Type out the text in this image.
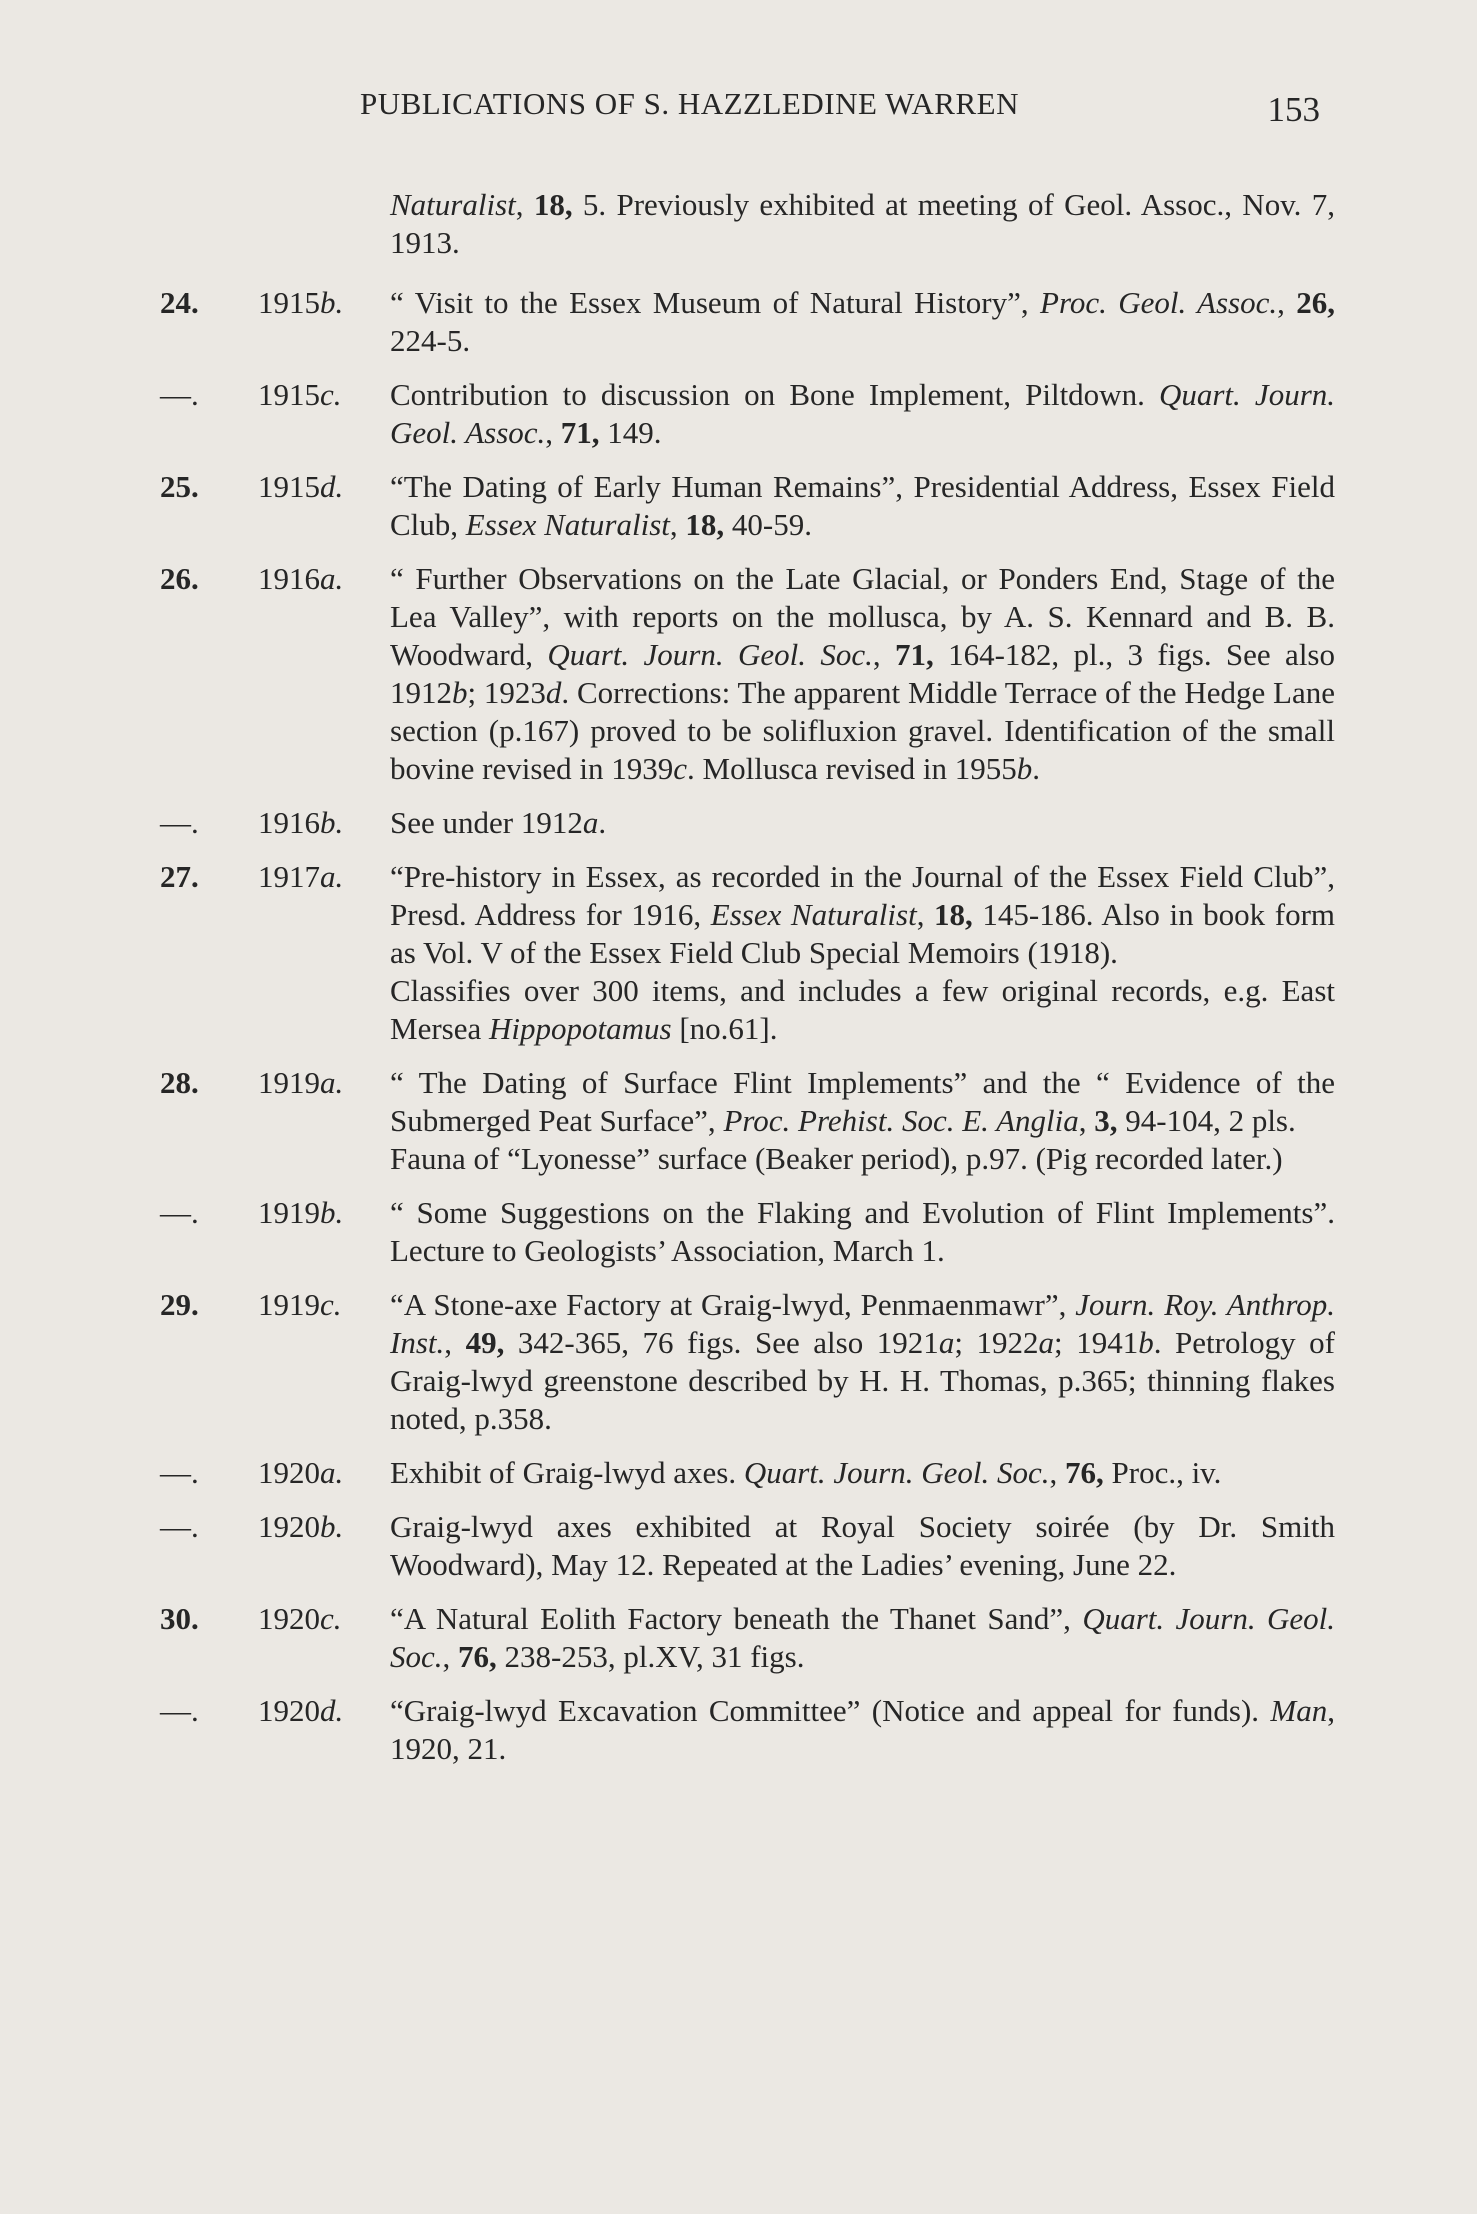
PUBLICATIONS OF S. HAZZLEDINE WARREN	153

Naturalist, 18, 5. Previously exhibited at meeting of Geol. Assoc., Nov. 7, 1913.

24.	1915b. “ Visit to the Essex Museum of Natural History”, Proc. Geol. Assoc., 26, 224-5.

—.	1915c. Contribution to discussion on Bone Implement, Piltdown. Quart. Journ. Geol. Assoc., 71, 149.

25.	1915d. “The Dating of Early Human Remains”, Presidential Address, Essex Field Club, Essex Naturalist, 18, 40-59.

26.	1916a. “ Further Observations on the Late Glacial, or Ponders End, Stage of the Lea Valley”, with reports on the mollusca, by A. S. Kennard and B. B. Woodward, Quart. Journ. Geol. Soc., 71, 164-182, pl., 3 figs. See also 1912b; 1923d. Corrections: The apparent Middle Terrace of the Hedge Lane section (p.167) proved to be solifluxion gravel. Identification of the small bovine revised in 1939c. Mollusca revised in 1955b.

—.	1916b. See under 1912a.

27.	1917a. “Pre-history in Essex, as recorded in the Journal of the Essex Field Club”, Presd. Address for 1916, Essex Naturalist, 18, 145-186. Also in book form as Vol. V of the Essex Field Club Special Memoirs (1918).

Classifies over 300 items, and includes a few original records, e.g. East Mersea Hippopotamus [no.61].

28.	1919a. “ The Dating of Surface Flint Implements” and the “ Evidence of the Submerged Peat Surface”, Proc. Prehist. Soc. E. Anglia, 3, 94-104, 2 pls.

Fauna of “Lyonesse” surface (Beaker period), p.97. (Pig recorded later.)

—.	1919b. “ Some Suggestions on the Flaking and Evolution of Flint Implements”. Lecture to Geologists’ Association, March 1.

29.	1919c. “A Stone-axe Factory at Graig-lwyd, Penmaenmawr”, Journ. Roy. Anthrop. Inst., 49, 342-365, 76 figs. See also 1921a; 1922a; 1941b. Petrology of Graig-lwyd greenstone described by H. H. Thomas, p.365; thinning flakes noted, p.358.

—.	1920a. Exhibit of Graig-lwyd axes. Quart. Journ. Geol. Soc., 76, Proc., iv.

—.	1920b. Graig-lwyd axes exhibited at Royal Society soirée (by Dr. Smith Woodward), May 12. Repeated at the Ladies’ evening, June 22.

30.	1920c. “A Natural Eolith Factory beneath the Thanet Sand”, Quart. Journ. Geol. Soc., 76, 238-253, pl.XV, 31 figs.

—.	1920d. “Graig-lwyd Excavation Committee” (Notice and appeal for funds). Man, 1920, 21.
